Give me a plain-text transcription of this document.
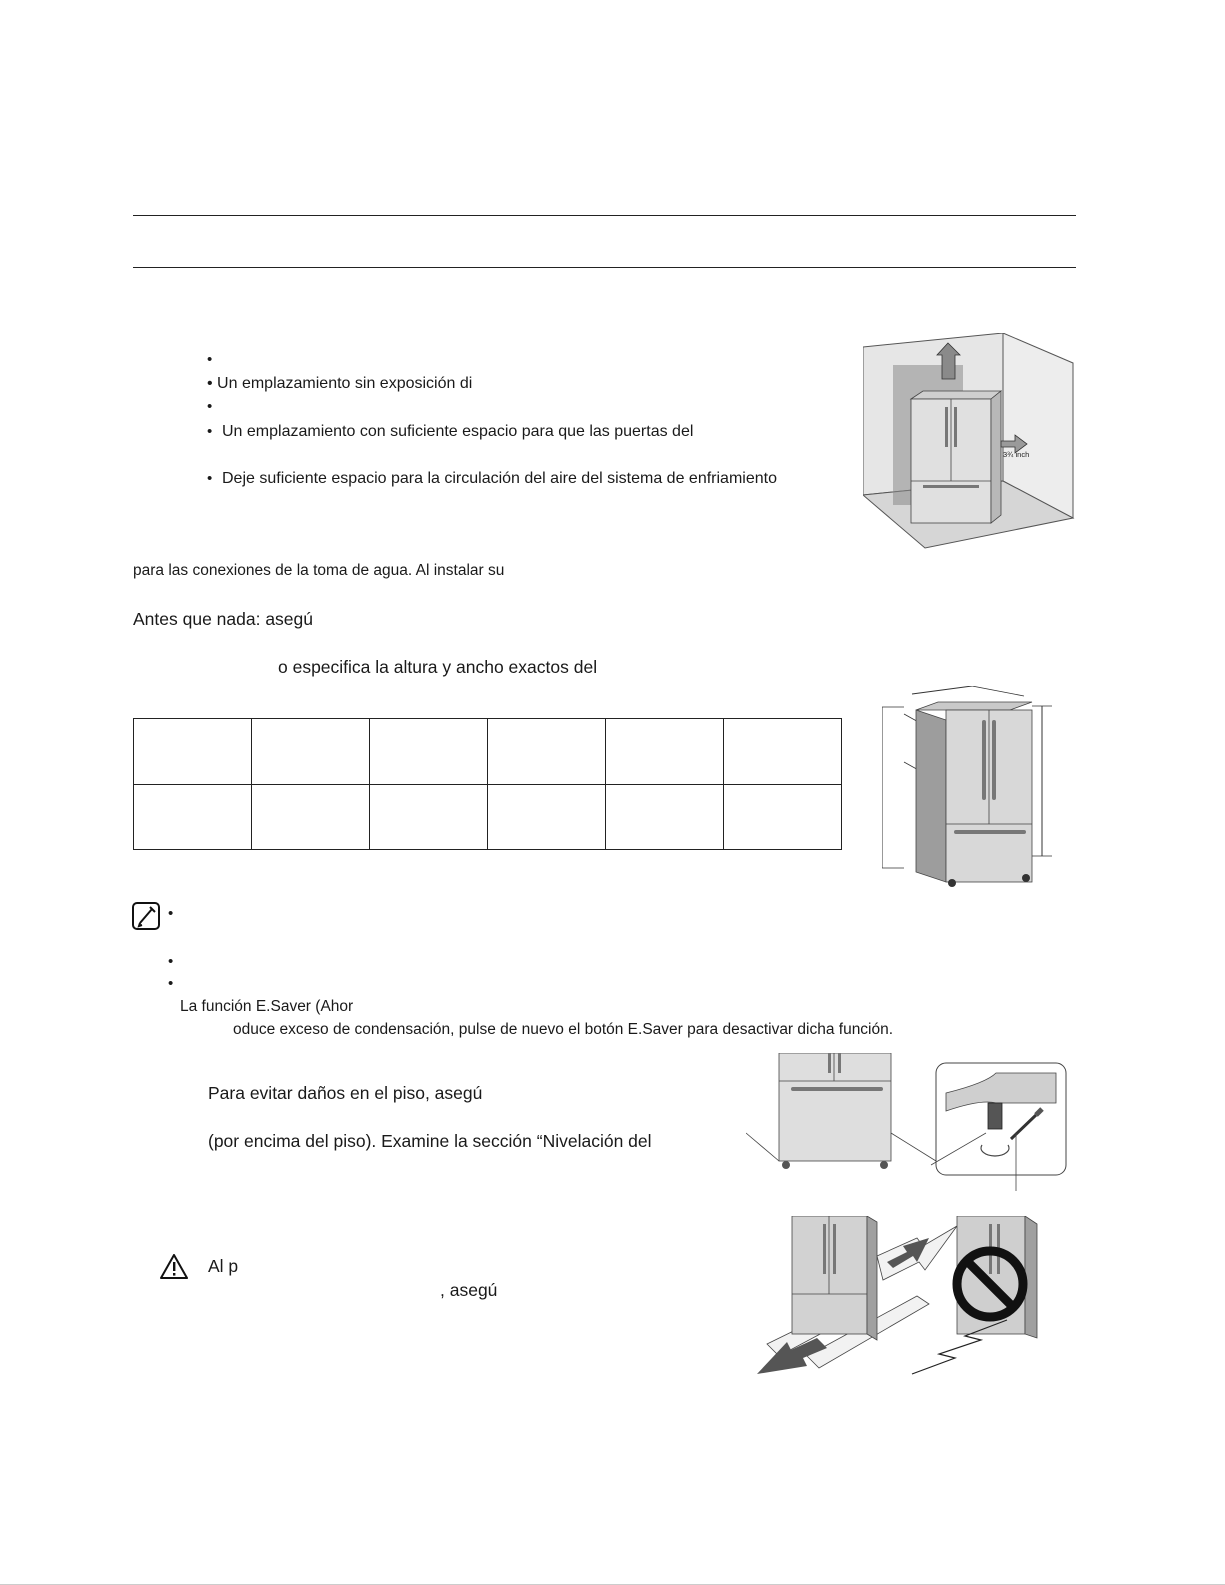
•
• Un emplazamiento sin exposición di
•
• Un emplazamiento con suficiente espacio para que las puertas del
• Deje suficiente espacio para la circulación del aire del sistema de enfriamiento
3¾ inch
para las conexiones de la toma de agua. Al instalar su
Antes que nada: asegú
o especifica la altura y ancho exactos del

•
•
•
La función E.Saver (Ahor
oduce exceso de condensación, pulse de nuevo el botón E.Saver para desactivar dicha función.
Para evitar daños en el piso, asegú
(por encima del piso). Examine la sección “Nivelación del
Al p
, asegú
